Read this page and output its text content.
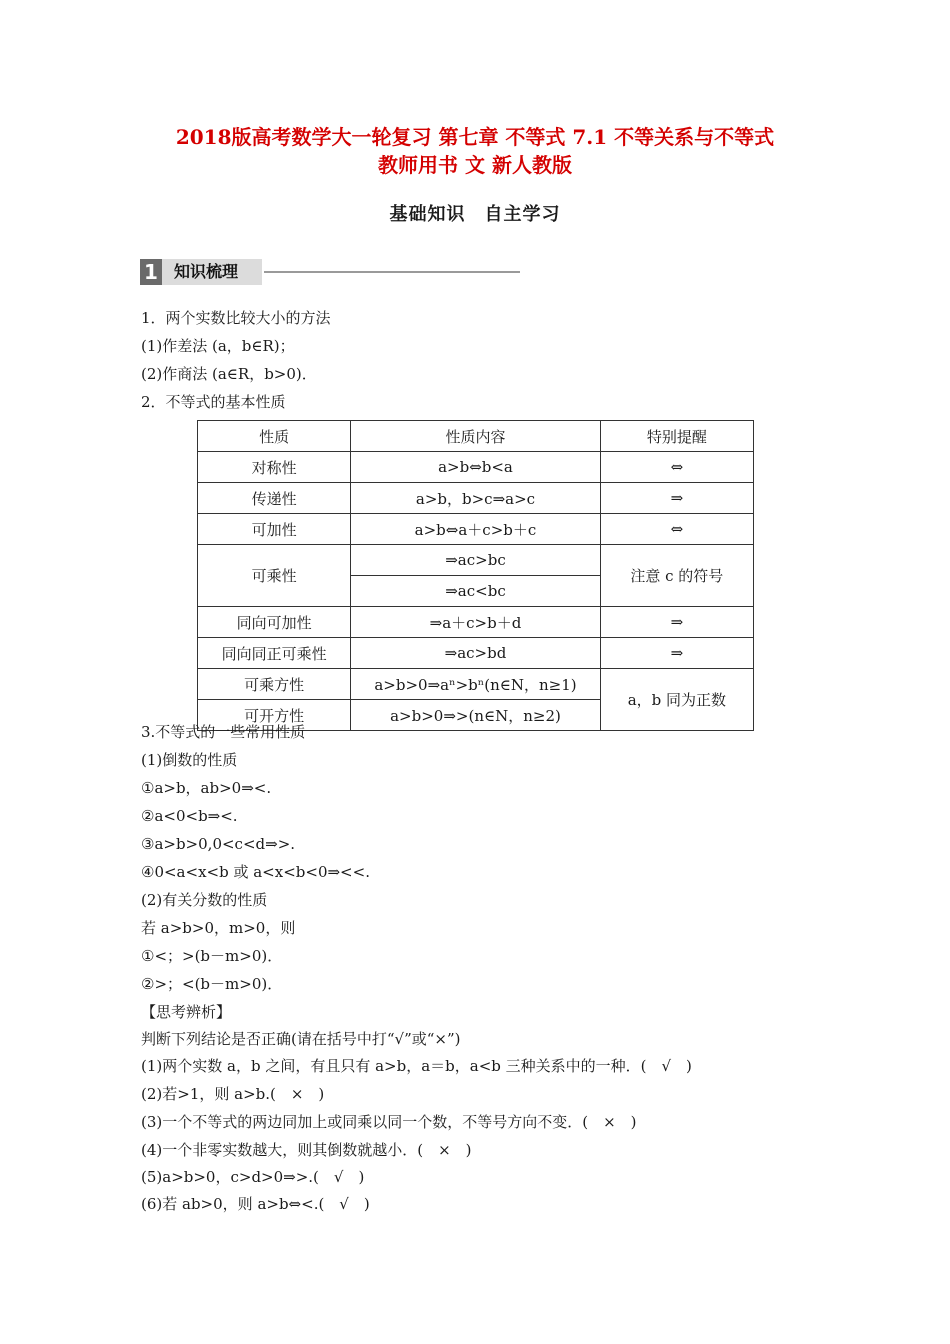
2018版高考数学大一轮复习 第七章 不等式 7.1 不等关系与不等式
教师用书 文 新人教版
基础知识　自主学习
1	知识梳理
1．两个实数比较大小的方法
(1)作差法 (a，b∈R)；
(2)作商法 (a∈R，b>0)．
2．不等式的基本性质
性质	性质内容	特别提醒
对称性	a>b⇔b<a	⇔
传递性	a>b，b>c⇒a>c	⇒
可加性	a>b⇔a＋c>b＋c	⇔
可乘性	⇒ac>bc	注意 c 的符号
	⇒ac<bc	
同向可加性	⇒a＋c>b＋d	⇒
同向同正可乘性	⇒ac>bd	⇒
可乘方性	a>b>0⇒aⁿ>bⁿ(n∈N，n≥1)	a，b 同为正数
可开方性	a>b>0⇒>(n∈N，n≥2)	
3.不等式的一些常用性质
(1)倒数的性质
①a>b，ab>0⇒<.
②a<0<b⇒<.
③a>b>0,0<c<d⇒>.
④0<a<x<b 或 a<x<b<0⇒<<.
(2)有关分数的性质
若 a>b>0，m>0，则
①<；>(b－m>0)．
②>；<(b－m>0)．
【思考辨析】
判断下列结论是否正确(请在括号中打“√”或“×”)
(1)两个实数 a，b 之间，有且只有 a>b，a＝b，a<b 三种关系中的一种．(　√　)
(2)若>1，则 a>b.(　×　)
(3)一个不等式的两边同加上或同乘以同一个数，不等号方向不变．(　×　)
(4)一个非零实数越大，则其倒数就越小．(　×　)
(5)a>b>0，c>d>0⇒>.(　√　)
(6)若 ab>0，则 a>b⇔<.(　√　)
